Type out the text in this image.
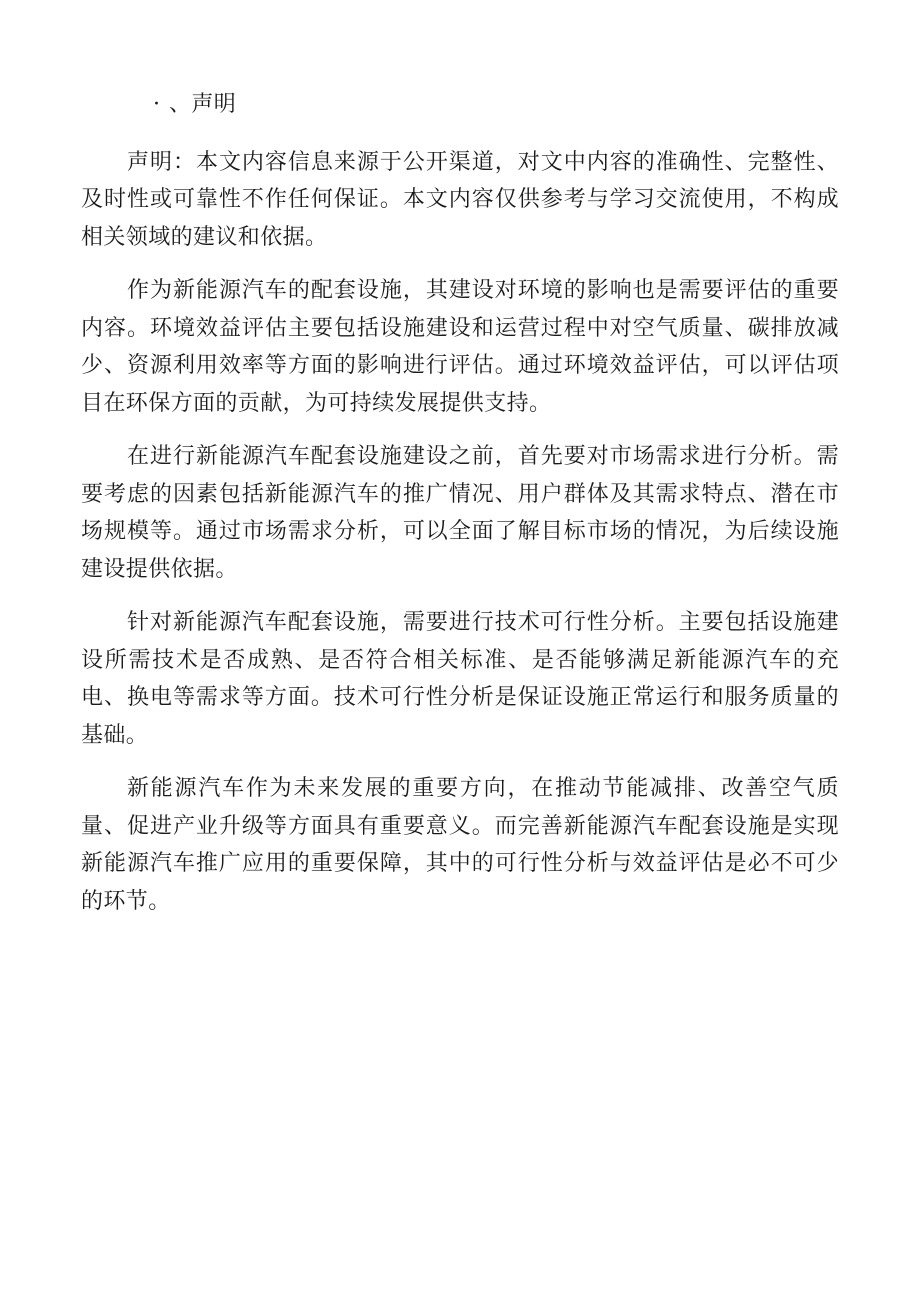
· 、声明

声明：本文内容信息来源于公开渠道，对文中内容的准确性、完整性、及时性或可靠性不作任何保证。本文内容仅供参考与学习交流使用，不构成相关领域的建议和依据。

作为新能源汽车的配套设施，其建设对环境的影响也是需要评估的重要内容。环境效益评估主要包括设施建设和运营过程中对空气质量、碳排放减少、资源利用效率等方面的影响进行评估。通过环境效益评估，可以评估项目在环保方面的贡献，为可持续发展提供支持。

在进行新能源汽车配套设施建设之前，首先要对市场需求进行分析。需要考虑的因素包括新能源汽车的推广情况、用户群体及其需求特点、潜在市场规模等。通过市场需求分析，可以全面了解目标市场的情况，为后续设施建设提供依据。

针对新能源汽车配套设施，需要进行技术可行性分析。主要包括设施建设所需技术是否成熟、是否符合相关标准、是否能够满足新能源汽车的充电、换电等需求等方面。技术可行性分析是保证设施正常运行和服务质量的基础。

新能源汽车作为未来发展的重要方向，在推动节能减排、改善空气质量、促进产业升级等方面具有重要意义。而完善新能源汽车配套设施是实现新能源汽车推广应用的重要保障，其中的可行性分析与效益评估是必不可少的环节。
